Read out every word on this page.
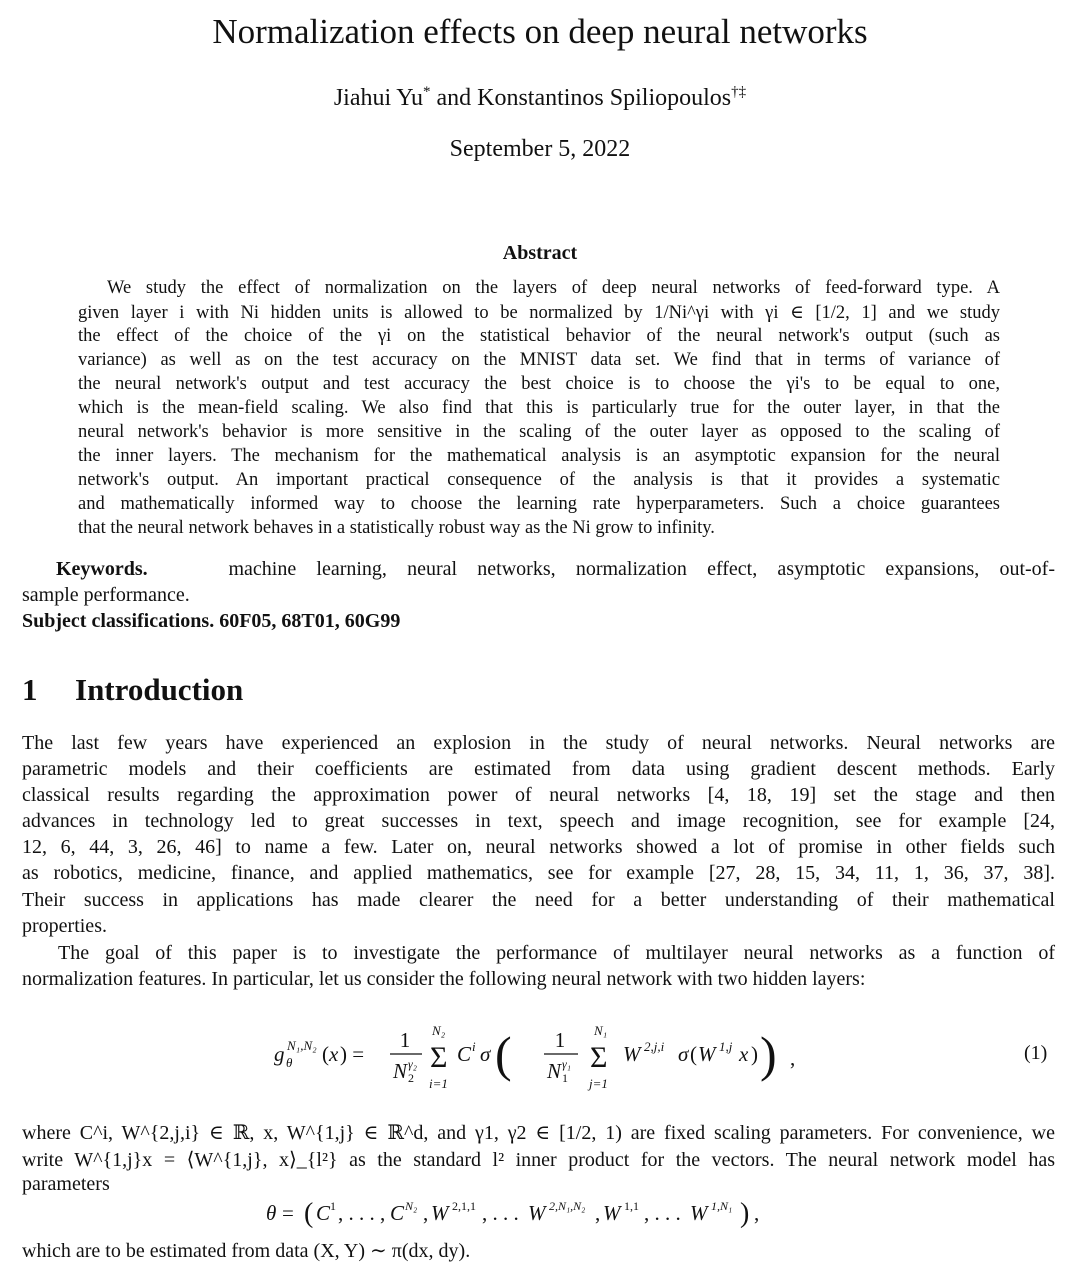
Normalization effects on deep neural networks
Jiahui Yu* and Konstantinos Spiliopoulos†‡
September 5, 2022
Abstract
We study the effect of normalization on the layers of deep neural networks of feed-forward type. A
given layer i with Ni hidden units is allowed to be normalized by 1/Ni^γi with γi ∈ [1/2, 1] and we study
the effect of the choice of the γi on the statistical behavior of the neural network's output (such as
variance) as well as on the test accuracy on the MNIST data set. We find that in terms of variance of
the neural network's output and test accuracy the best choice is to choose the γi's to be equal to one,
which is the mean-field scaling. We also find that this is particularly true for the outer layer, in that the
neural network's behavior is more sensitive in the scaling of the outer layer as opposed to the scaling of
the inner layers. The mechanism for the mathematical analysis is an asymptotic expansion for the neural
network's output. An important practical consequence of the analysis is that it provides a systematic
and mathematically informed way to choose the learning rate hyperparameters. Such a choice guarantees
that the neural network behaves in a statistically robust way as the Ni grow to infinity.
Keywords.	machine learning, neural networks, normalization effect, asymptotic expansions, out-of-
sample performance.
Subject classifications. 60F05, 68T01, 60G99
1 Introduction
The last few years have experienced an explosion in the study of neural networks. Neural networks are
parametric models and their coefficients are estimated from data using gradient descent methods. Early
classical results regarding the approximation power of neural networks [4, 18, 19] set the stage and then
advances in technology led to great successes in text, speech and image recognition, see for example [24,
12, 6, 44, 3, 26, 46] to name a few. Later on, neural networks showed a lot of promise in other fields such
as robotics, medicine, finance, and applied mathematics, see for example [27, 28, 15, 34, 11, 1, 36, 37, 38].
Their success in applications has made clearer the need for a better understanding of their mathematical
properties.
The goal of this paper is to investigate the performance of multilayer neural networks as a function of
normalization features. In particular, let us consider the following neural network with two hidden layers:
g θ
N₁,N₂ ( x ) =
1
N 2
γ₂ Σ
N₂
i=1
C i σ ( 1
N 1
γ₁ Σ
N₁
j=1
W 2,j,i σ ( W 1,j x ) ) ,	(1)
where C^i, W^{2,j,i} ∈ ℝ, x, W^{1,j} ∈ ℝ^d, and γ1, γ2 ∈ [1/2, 1) are fixed scaling parameters. For convenience, we
write W^{1,j}x = ⟨W^{1,j}, x⟩_{l²} as the standard l² inner product for the vectors. The neural network model has
parameters
θ = ( C 1 , . . . , C N₂ , W 2,1,1 , . . . W 2,N₁,N₂ , W 1,1 , . . . W 1,N₁ ) ,
which are to be estimated from data (X, Y) ∼ π(dx, dy).
